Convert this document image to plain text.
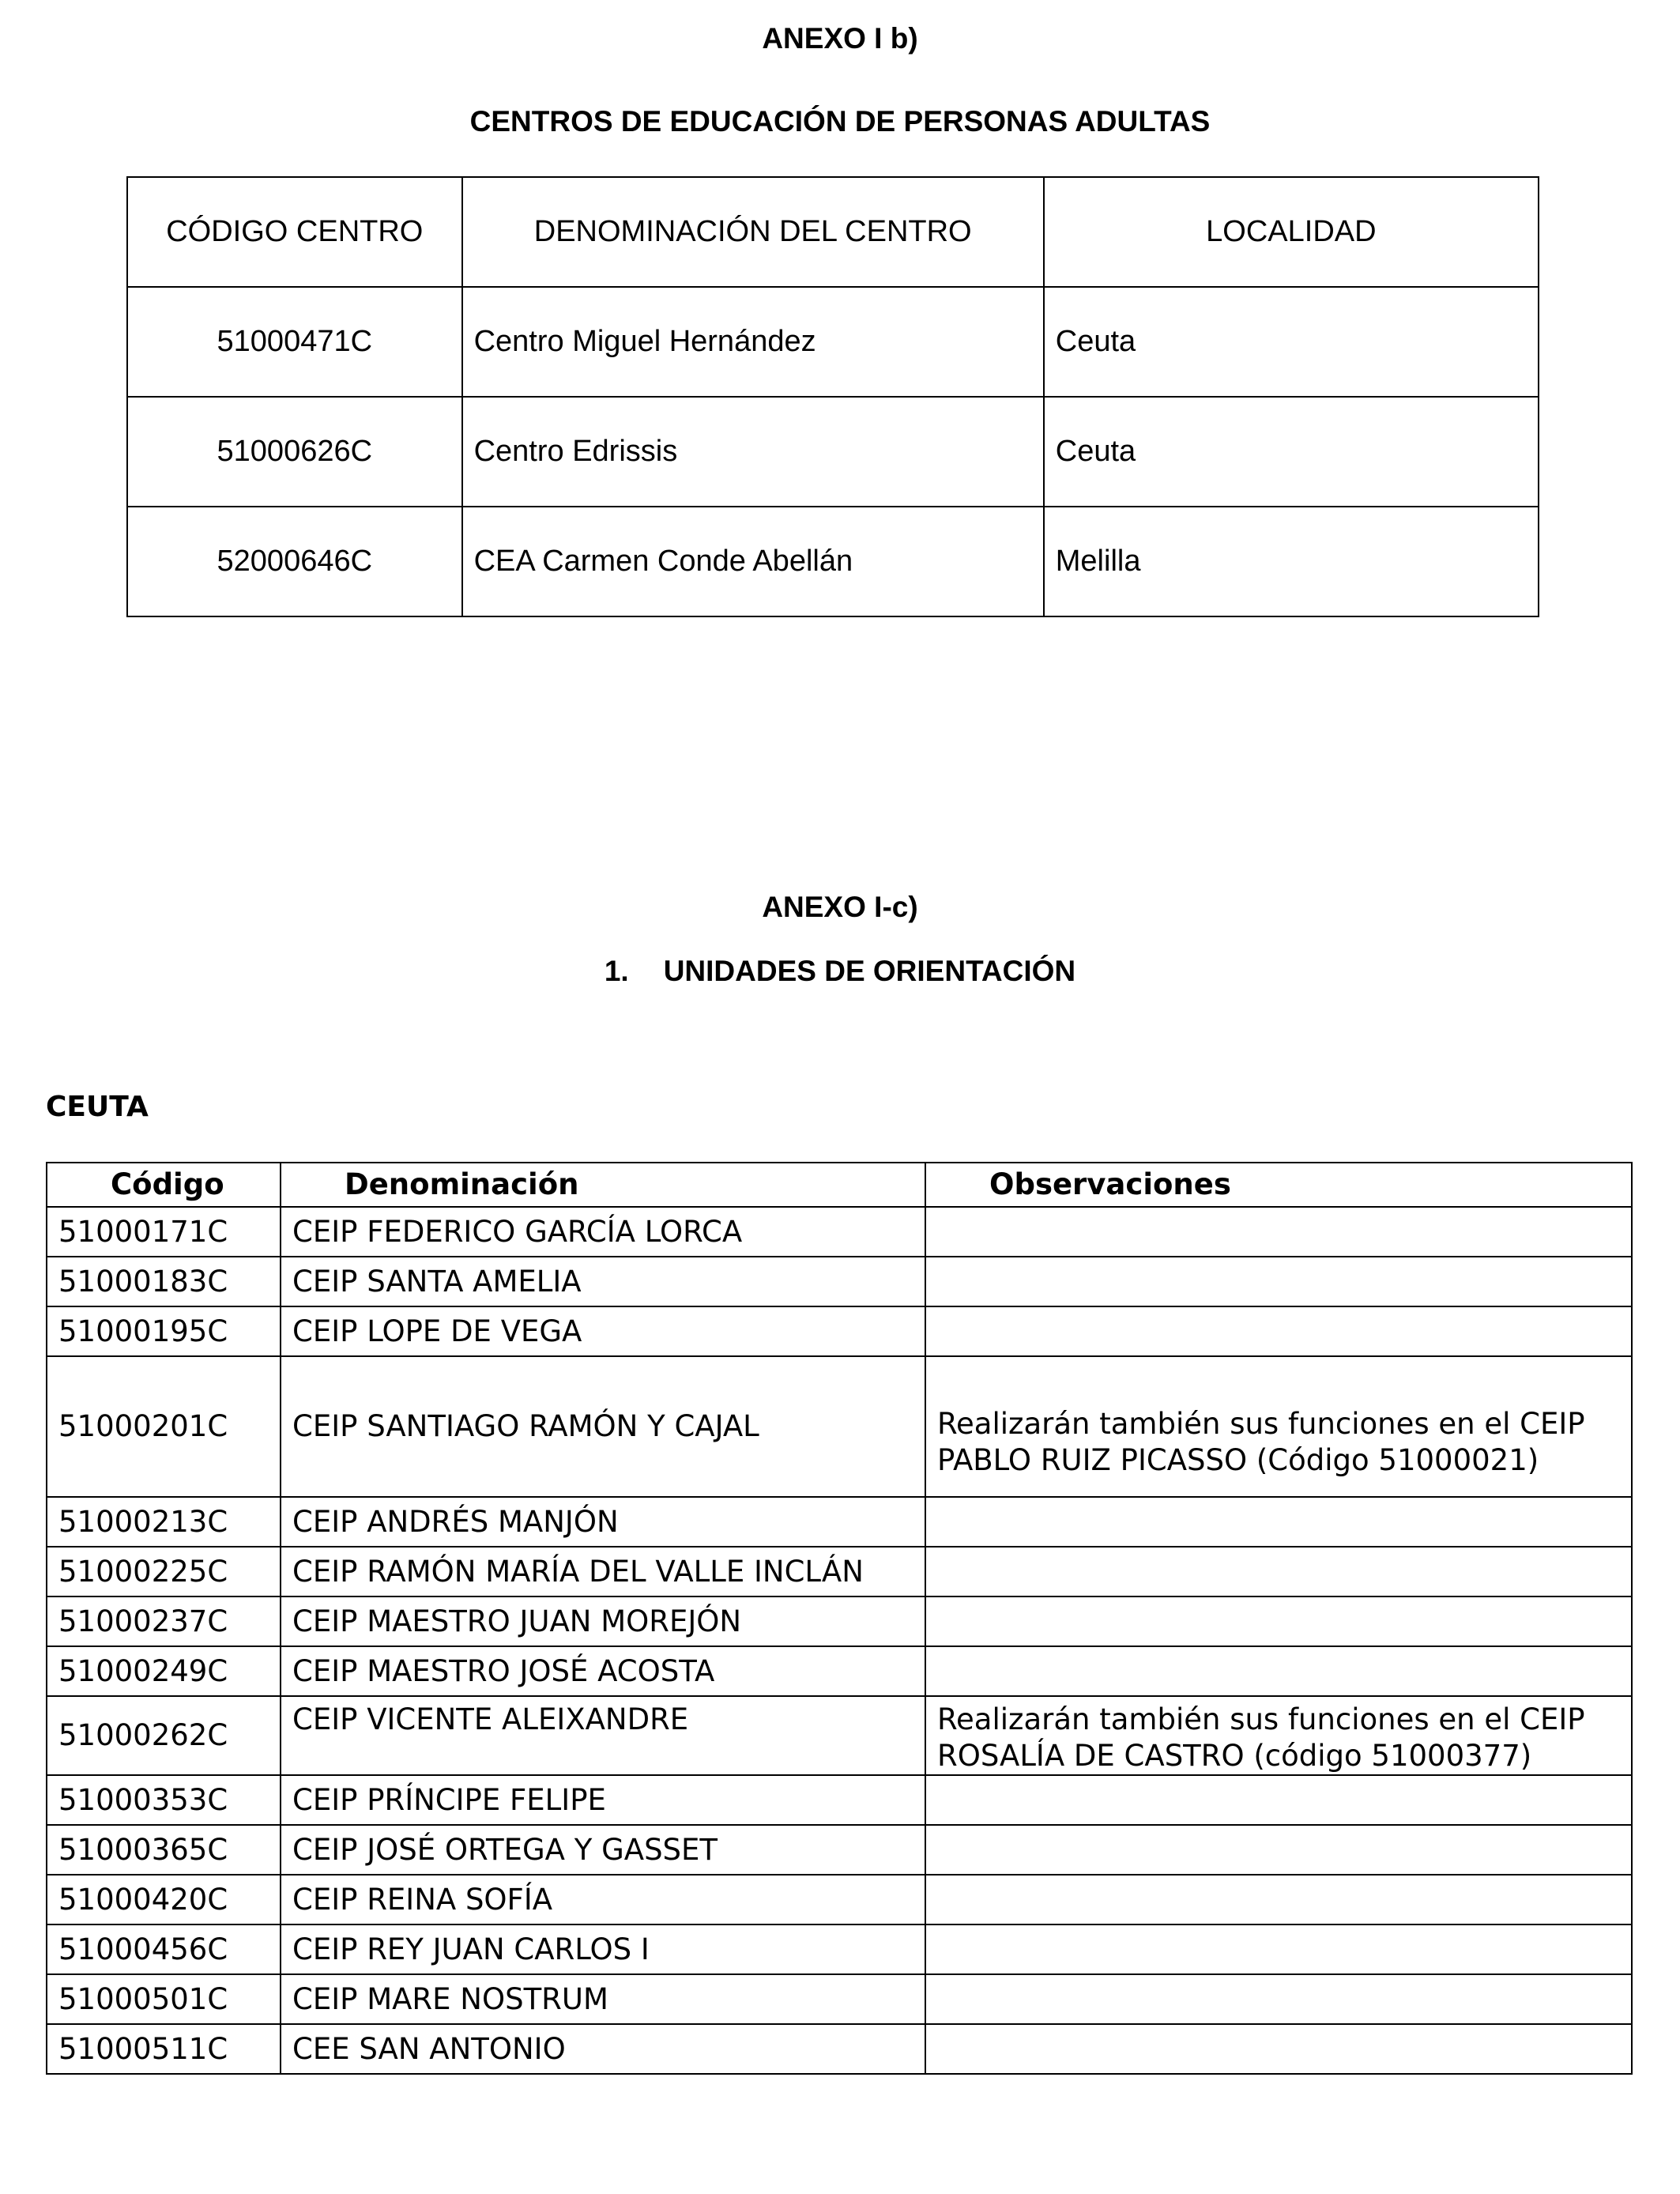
ANEXO I b)
CENTROS DE EDUCACIÓN DE PERSONAS ADULTAS
CÓDIGO CENTRO	DENOMINACIÓN DEL CENTRO	LOCALIDAD
51000471C	Centro Miguel Hernández	Ceuta
51000626C	Centro Edrissis	Ceuta
52000646C	CEA Carmen Conde Abellán	Melilla
ANEXO I-c)
1. UNIDADES DE ORIENTACIÓN
CEUTA
Código	Denominación	Observaciones
51000171C	CEIP FEDERICO GARCÍA LORCA	
51000183C	CEIP SANTA AMELIA	
51000195C	CEIP LOPE DE VEGA	
51000201C	CEIP SANTIAGO RAMÓN Y CAJAL	Realizarán también sus funciones en el CEIP PABLO RUIZ PICASSO (Código 51000021)
51000213C	CEIP ANDRÉS MANJÓN	
51000225C	CEIP RAMÓN MARÍA DEL VALLE INCLÁN	
51000237C	CEIP MAESTRO JUAN MOREJÓN	
51000249C	CEIP MAESTRO JOSÉ ACOSTA	
51000262C	CEIP VICENTE ALEIXANDRE	Realizarán también sus funciones en el CEIP ROSALÍA DE CASTRO (código 51000377)
51000353C	CEIP PRÍNCIPE FELIPE	
51000365C	CEIP JOSÉ ORTEGA Y GASSET	
51000420C	CEIP REINA SOFÍA	
51000456C	CEIP REY JUAN CARLOS I	
51000501C	CEIP MARE NOSTRUM	
51000511C	CEE SAN ANTONIO	
